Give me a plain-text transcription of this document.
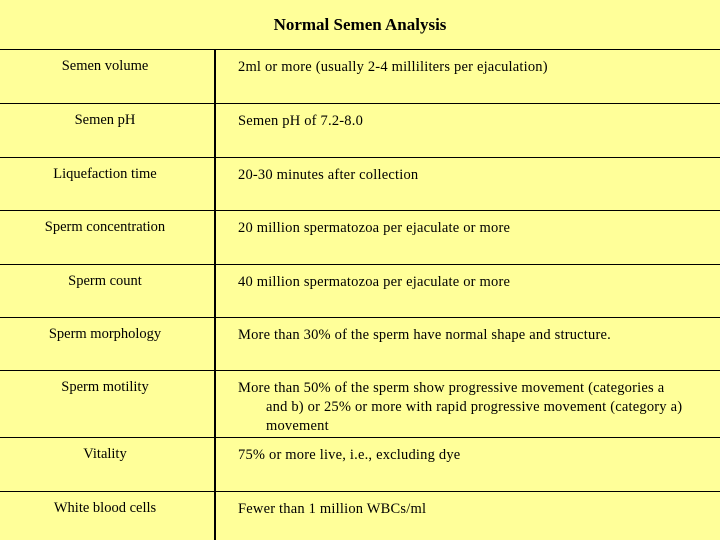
Normal Semen Analysis
Semen volume	2ml or more (usually 2-4 milliliters per ejaculation)
Semen pH	Semen pH of 7.2-8.0
Liquefaction time	20-30 minutes after collection
Sperm concentration	20 million spermatozoa per ejaculate or more
Sperm count	40 million spermatozoa per ejaculate or more
Sperm morphology	More than 30% of the sperm have normal shape and structure.
Sperm motility	More than 50% of the sperm show progressive movement (categories a
and b) or 25% or more with rapid progressive movement (category a)
movement
Vitality	75% or more live, i.e., excluding dye
White blood cells	Fewer than 1 million WBCs/ml
